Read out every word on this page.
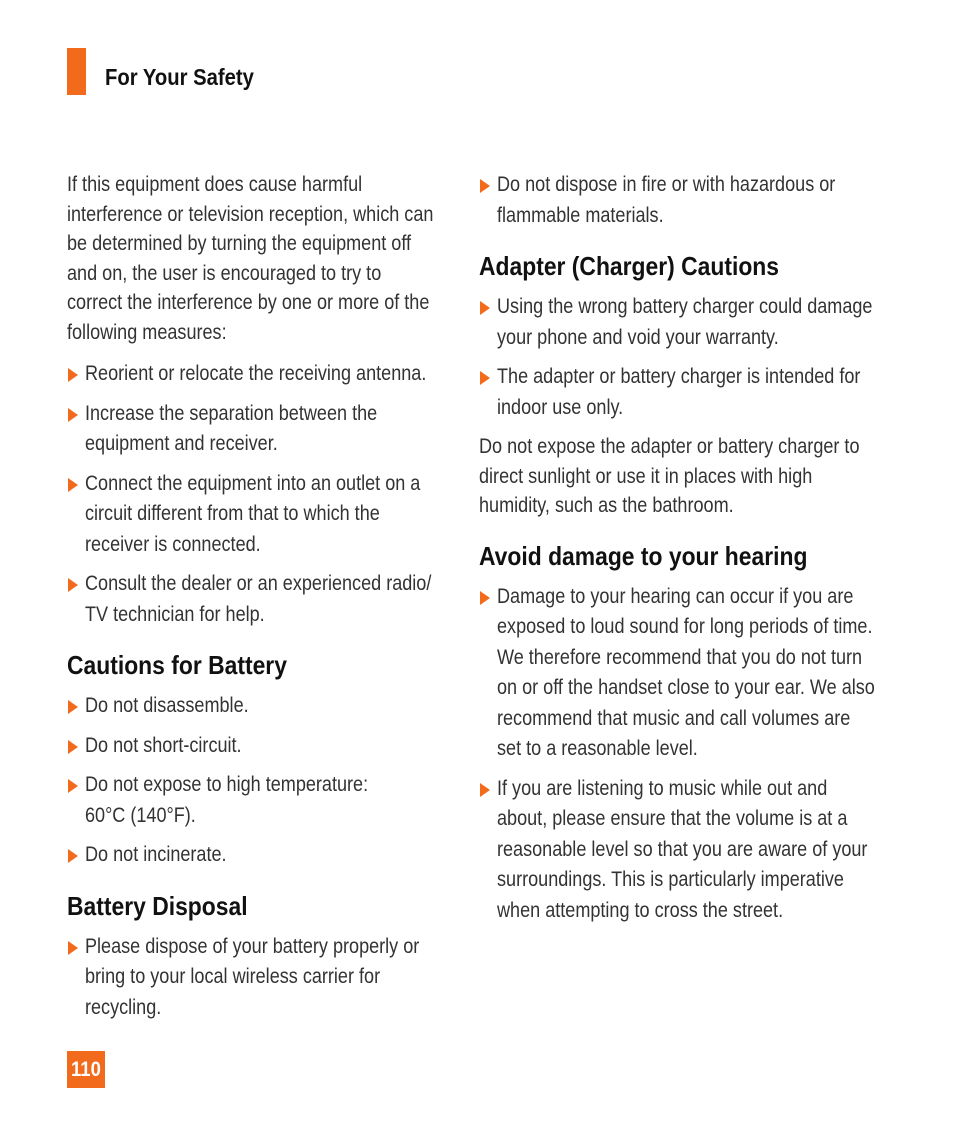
For Your Safety

If this equipment does cause harmful interference or television reception, which can be determined by turning the equipment off and on, the user is encouraged to try to correct the interference by one or more of the following measures:

Reorient or relocate the receiving antenna.
Increase the separation between the equipment and receiver.
Connect the equipment into an outlet on a circuit different from that to which the receiver is connected.
Consult the dealer or an experienced radio/ TV technician for help.
Cautions for Battery
Do not disassemble.
Do not short-circuit.
Do not expose to high temperature: 60°C (140°F).
Do not incinerate.
Battery Disposal
Please dispose of your battery properly or bring to your local wireless carrier for recycling.
Do not dispose in fire or with hazardous or flammable materials.
Adapter (Charger) Cautions
Using the wrong battery charger could damage your phone and void your warranty.
The adapter or battery charger is intended for indoor use only.

Do not expose the adapter or battery charger to direct sunlight or use it in places with high humidity, such as the bathroom.

Avoid damage to your hearing
Damage to your hearing can occur if you are exposed to loud sound for long periods of time. We therefore recommend that you do not turn on or off the handset close to your ear. We also recommend that music and call volumes are set to a reasonable level.
If you are listening to music while out and about, please ensure that the volume is at a reasonable level so that you are aware of your surroundings. This is particularly imperative when attempting to cross the street.
110
